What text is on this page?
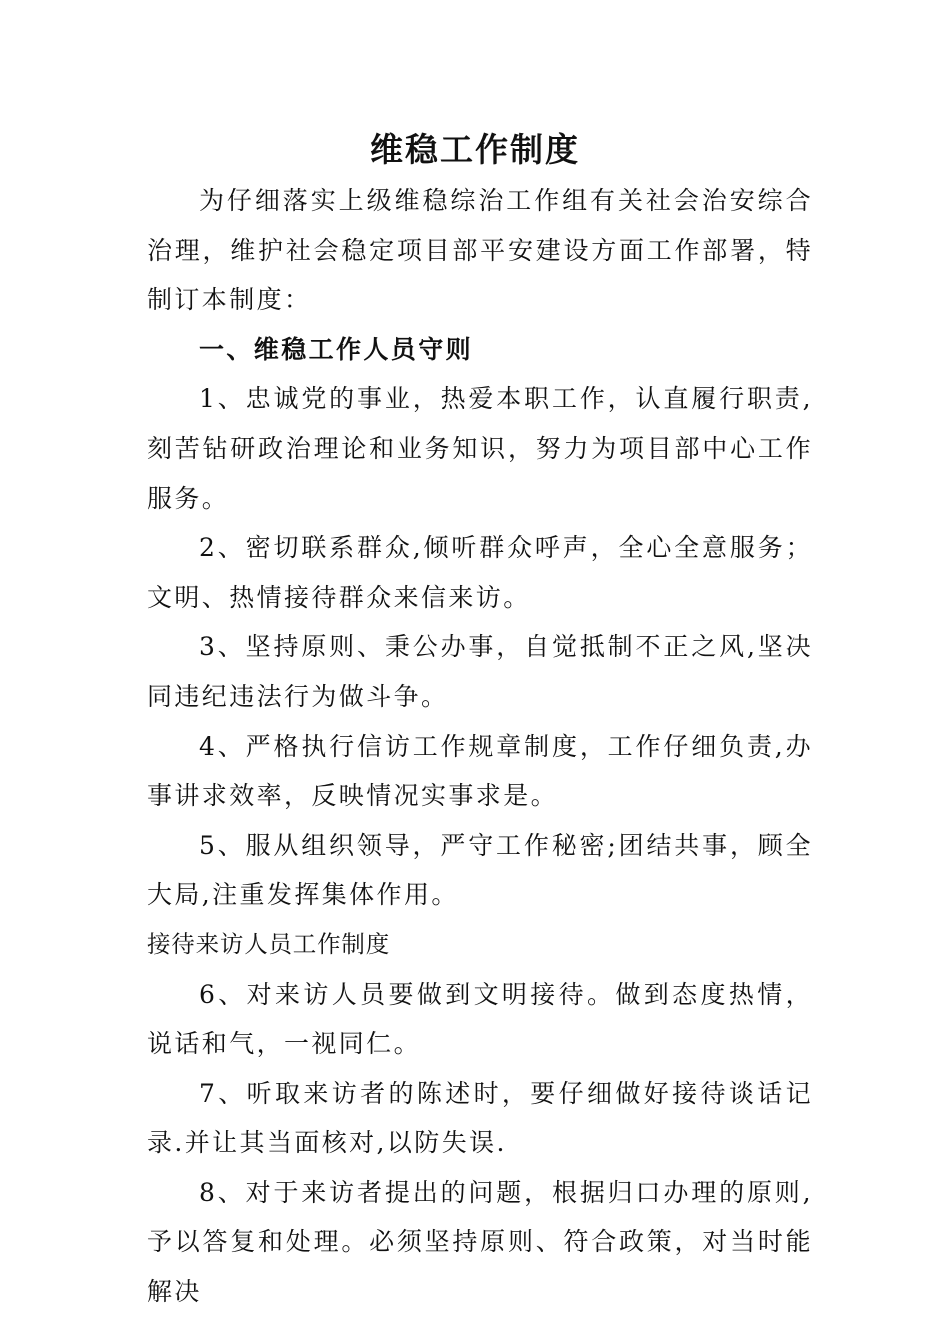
维稳工作制度

为仔细落实上级维稳综治工作组有关社会治安综合治理，维护社会稳定项目部平安建设方面工作部署，特制订本制度：

一、维稳工作人员守则

1、忠诚党的事业，热爱本职工作，认直履行职责,刻苦钻研政治理论和业务知识，努力为项目部中心工作服务。

2、密切联系群众,倾听群众呼声，全心全意服务；文明、热情接待群众来信来访。

3、坚持原则、秉公办事，自觉抵制不正之风,坚决同违纪违法行为做斗争。

4、严格执行信访工作规章制度，工作仔细负责,办事讲求效率，反映情况实事求是。

5、服从组织领导，严守工作秘密;团结共事，顾全大局,注重发挥集体作用。

接待来访人员工作制度

6、对来访人员要做到文明接待。做到态度热情，说话和气，一视同仁。

7、听取来访者的陈述时，要仔细做好接待谈话记录.并让其当面核对,以防失误.

8、对于来访者提出的问题，根据归口办理的原则,予以答复和处理。必须坚持原则、符合政策，对当时能解决
